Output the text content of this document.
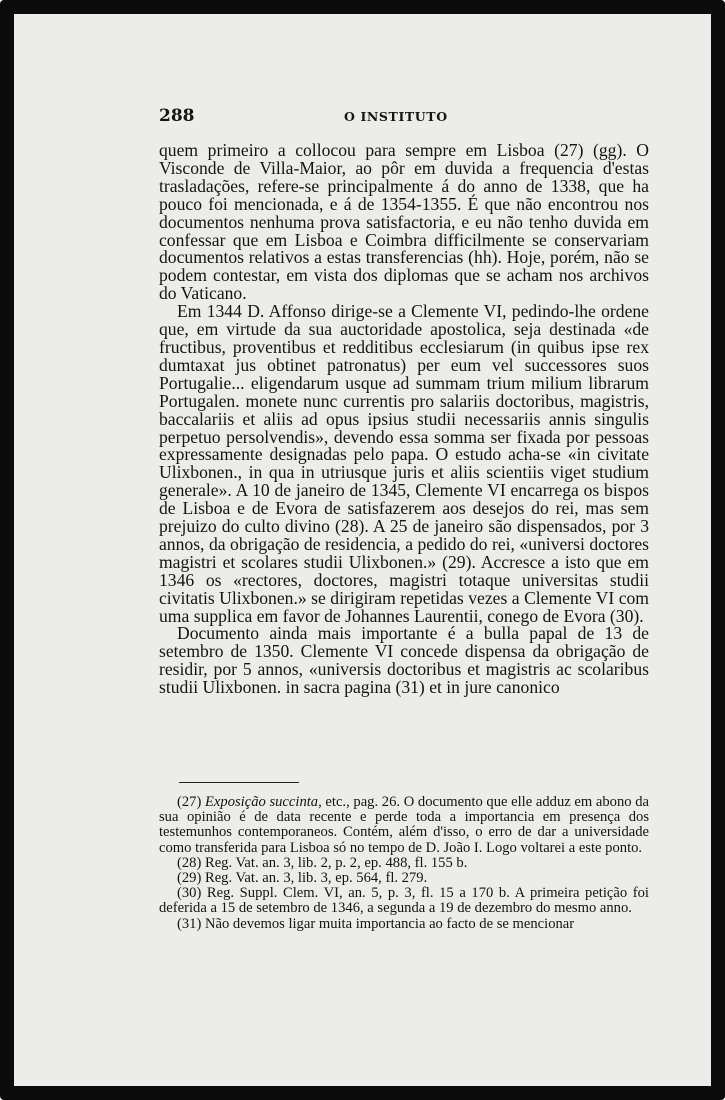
288	O INSTITUTO

quem primeiro a collocou para sempre em Lisboa (27) (gg). O Visconde de Villa-Maior, ao pôr em duvida a frequencia d'estas trasladações, refere-se principalmente á do anno de 1338, que ha pouco foi mencionada, e á de 1354-1355. É que não encontrou nos documentos nenhuma prova satisfactoria, e eu não tenho duvida em confessar que em Lisboa e Coimbra difficilmente se conservariam documentos relativos a estas transferencias (hh). Hoje, porém, não se podem contestar, em vista dos diplomas que se acham nos archivos do Vaticano.

Em 1344 D. Affonso dirige-se a Clemente VI, pedindo-lhe ordene que, em virtude da sua auctoridade apostolica, seja destinada «de fructibus, proventibus et redditibus ecclesiarum (in quibus ipse rex dumtaxat jus obtinet patronatus) per eum vel successores suos Portugalie... eligendarum usque ad summam trium milium librarum Portugalen. monete nunc currentis pro salariis doctoribus, magistris, baccalariis et aliis ad opus ipsius studii necessariis annis singulis perpetuo persolvendis», devendo essa somma ser fixada por pessoas expressamente designadas pelo papa. O estudo acha-se «in civitate Ulixbonen., in qua in utriusque juris et aliis scientiis viget studium generale». A 10 de janeiro de 1345, Clemente VI encarrega os bispos de Lisboa e de Evora de satisfazerem aos desejos do rei, mas sem prejuizo do culto divino (28). A 25 de janeiro são dispensados, por 3 annos, da obrigação de residencia, a pedido do rei, «universi doctores magistri et scolares studii Ulixbonen.» (29). Accresce a isto que em 1346 os «rectores, doctores, magistri totaque universitas studii civitatis Ulixbonen.» se dirigiram repetidas vezes a Clemente VI com uma supplica em favor de Johannes Laurentii, conego de Evora (30).

Documento ainda mais importante é a bulla papal de 13 de setembro de 1350. Clemente VI concede dispensa da obrigação de residir, por 5 annos, «universis doctoribus et magistris ac scolaribus studii Ulixbonen. in sacra pagina (31) et in jure canonico

(27) Exposição succinta, etc., pag. 26. O documento que elle adduz em abono da sua opinião é de data recente e perde toda a importancia em presença dos testemunhos contemporaneos. Contém, além d'isso, o erro de dar a universidade como transferida para Lisboa só no tempo de D. João I. Logo voltarei a este ponto.

(28) Reg. Vat. an. 3, lib. 2, p. 2, ep. 488, fl. 155 b.

(29) Reg. Vat. an. 3, lib. 3, ep. 564, fl. 279.

(30) Reg. Suppl. Clem. VI, an. 5, p. 3, fl. 15 a 170 b. A primeira petição foi deferida a 15 de setembro de 1346, a segunda a 19 de dezembro do mesmo anno.

(31) Não devemos ligar muita importancia ao facto de se mencionar
